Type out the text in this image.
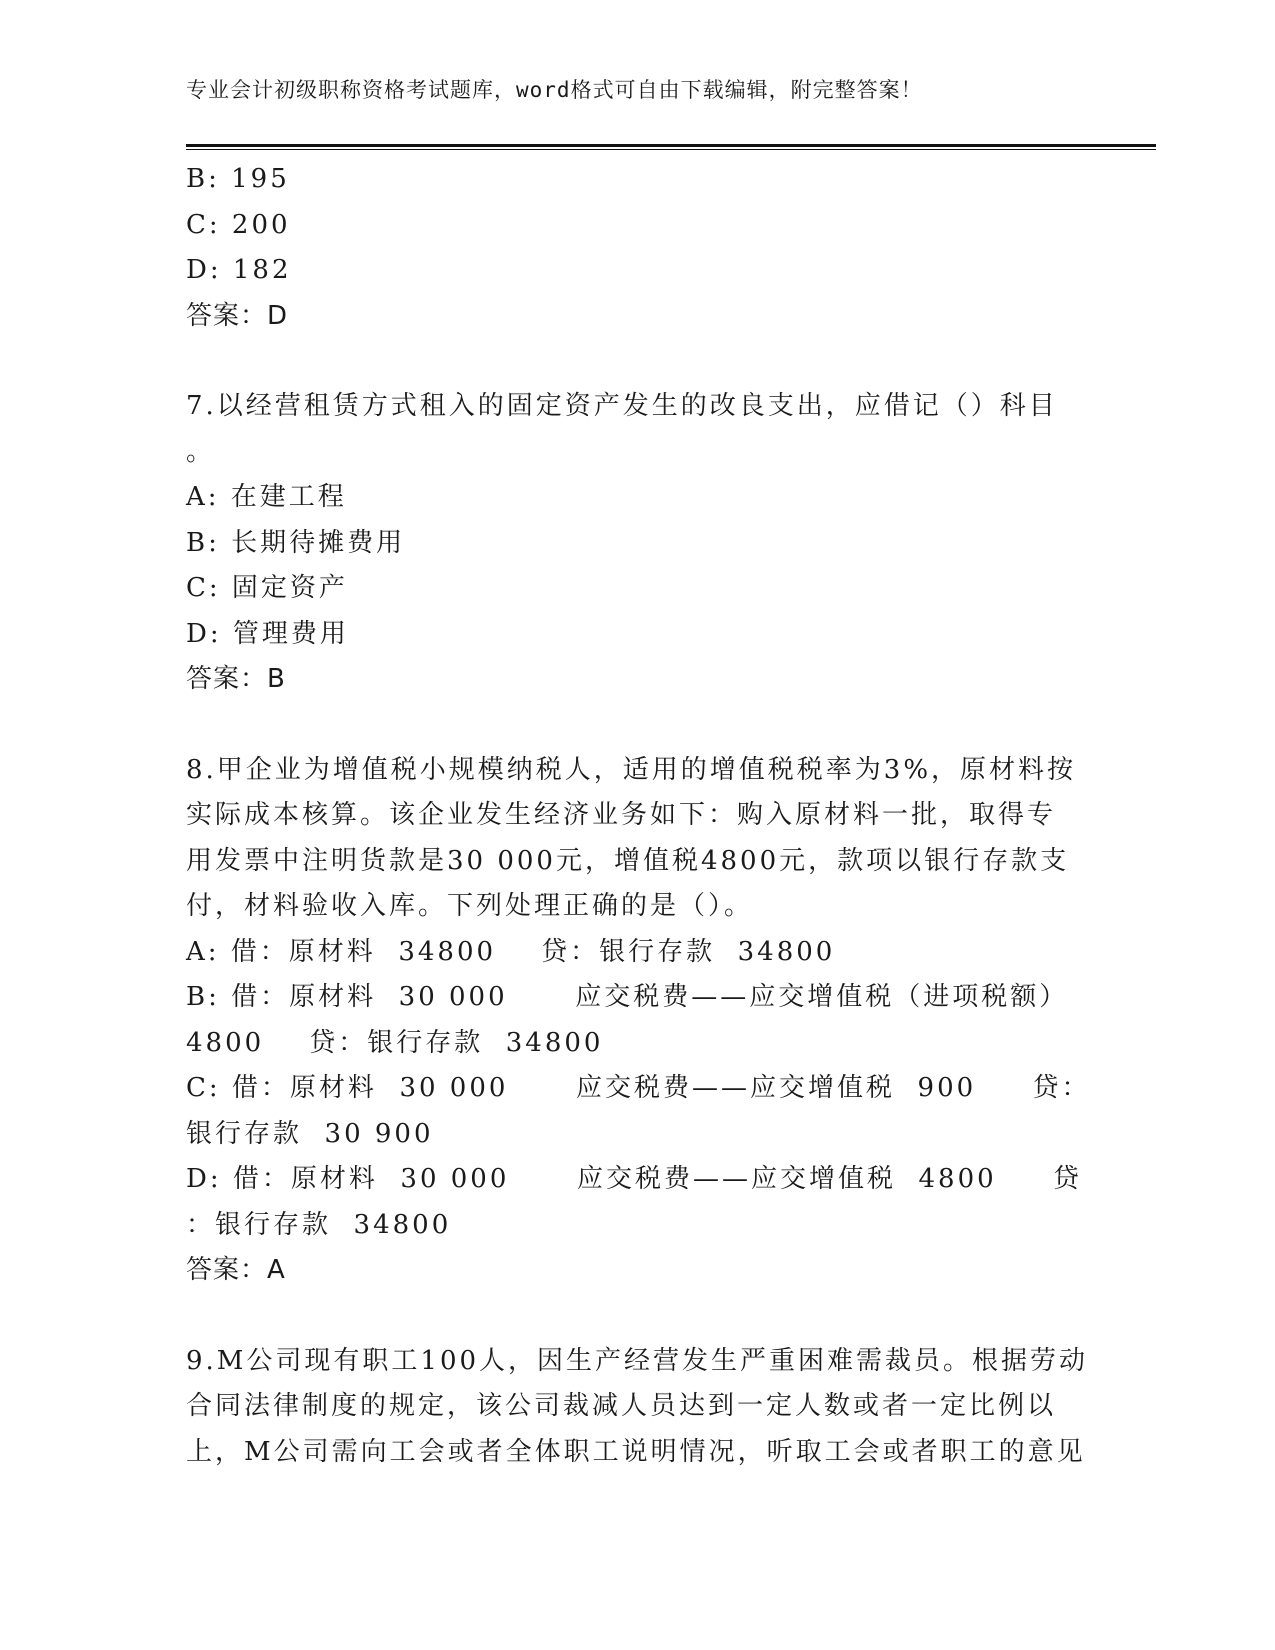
专业会计初级职称资格考试题库，word格式可自由下载编辑，附完整答案！
B: 195
C: 200
D: 182
答案：D
7.以经营租赁方式租入的固定资产发生的改良支出，应借记（）科目
。
A: 在建工程
B: 长期待摊费用
C: 固定资产
D: 管理费用
答案：B
8.甲企业为增值税小规模纳税人，适用的增值税税率为3%，原材料按
实际成本核算。该企业发生经济业务如下：购入原材料一批，取得专
用发票中注明货款是30 000元，增值税4800元，款项以银行存款支
付，材料验收入库。下列处理正确的是（）。
A: 借：原材料  34800    贷：银行存款  34800
B: 借：原材料  30 000      应交税费——应交增值税（进项税额）
4800    贷：银行存款  34800
C: 借：原材料  30 000      应交税费——应交增值税  900     贷：
银行存款  30 900
D: 借：原材料  30 000      应交税费——应交增值税  4800     贷
：银行存款  34800
答案：A
9.M公司现有职工100人，因生产经营发生严重困难需裁员。根据劳动
合同法律制度的规定，该公司裁减人员达到一定人数或者一定比例以
上，M公司需向工会或者全体职工说明情况，听取工会或者职工的意见
